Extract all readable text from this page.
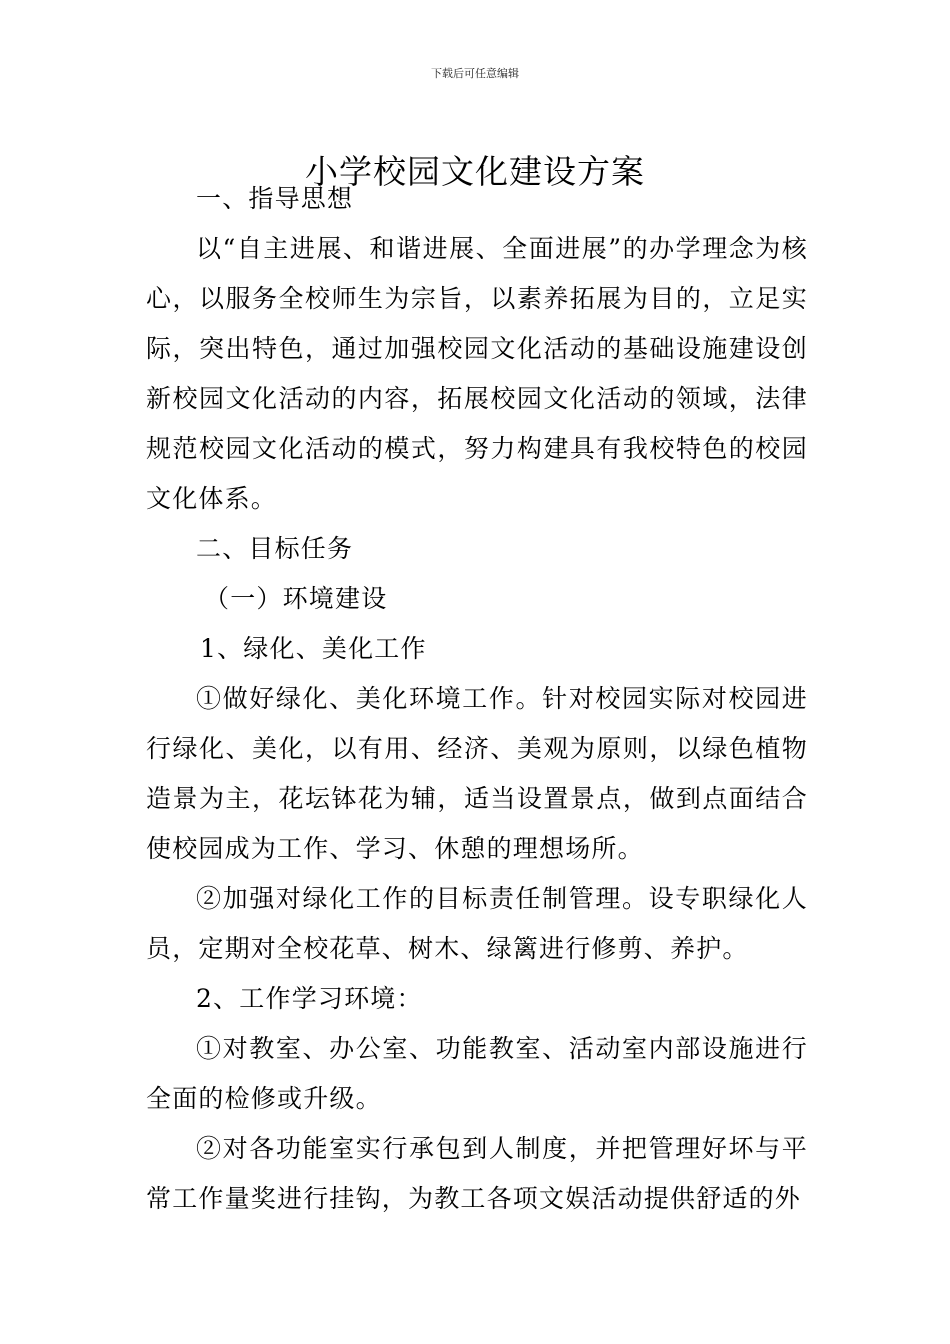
下载后可任意编辑
小学校园文化建设方案

一、指导思想

以“自主进展、和谐进展、全面进展”的办学理念为核心，以服务全校师生为宗旨，以素养拓展为目的，立足实际，突出特色，通过加强校园文化活动的基础设施建设创新校园文化活动的内容，拓展校园文化活动的领域，法律规范校园文化活动的模式，努力构建具有我校特色的校园文化体系。

二、目标任务

（一）环境建设

1、绿化、美化工作

①做好绿化、美化环境工作。针对校园实际对校园进行绿化、美化，以有用、经济、美观为原则，以绿色植物造景为主，花坛钵花为辅，适当设置景点，做到点面结合使校园成为工作、学习、休憩的理想场所。

②加强对绿化工作的目标责任制管理。设专职绿化人员，定期对全校花草、树木、绿篱进行修剪、养护。

2、工作学习环境：

①对教室、办公室、功能教室、活动室内部设施进行全面的检修或升级。

②对各功能室实行承包到人制度，并把管理好坏与平常工作量奖进行挂钩，为教工各项文娱活动提供舒适的外
